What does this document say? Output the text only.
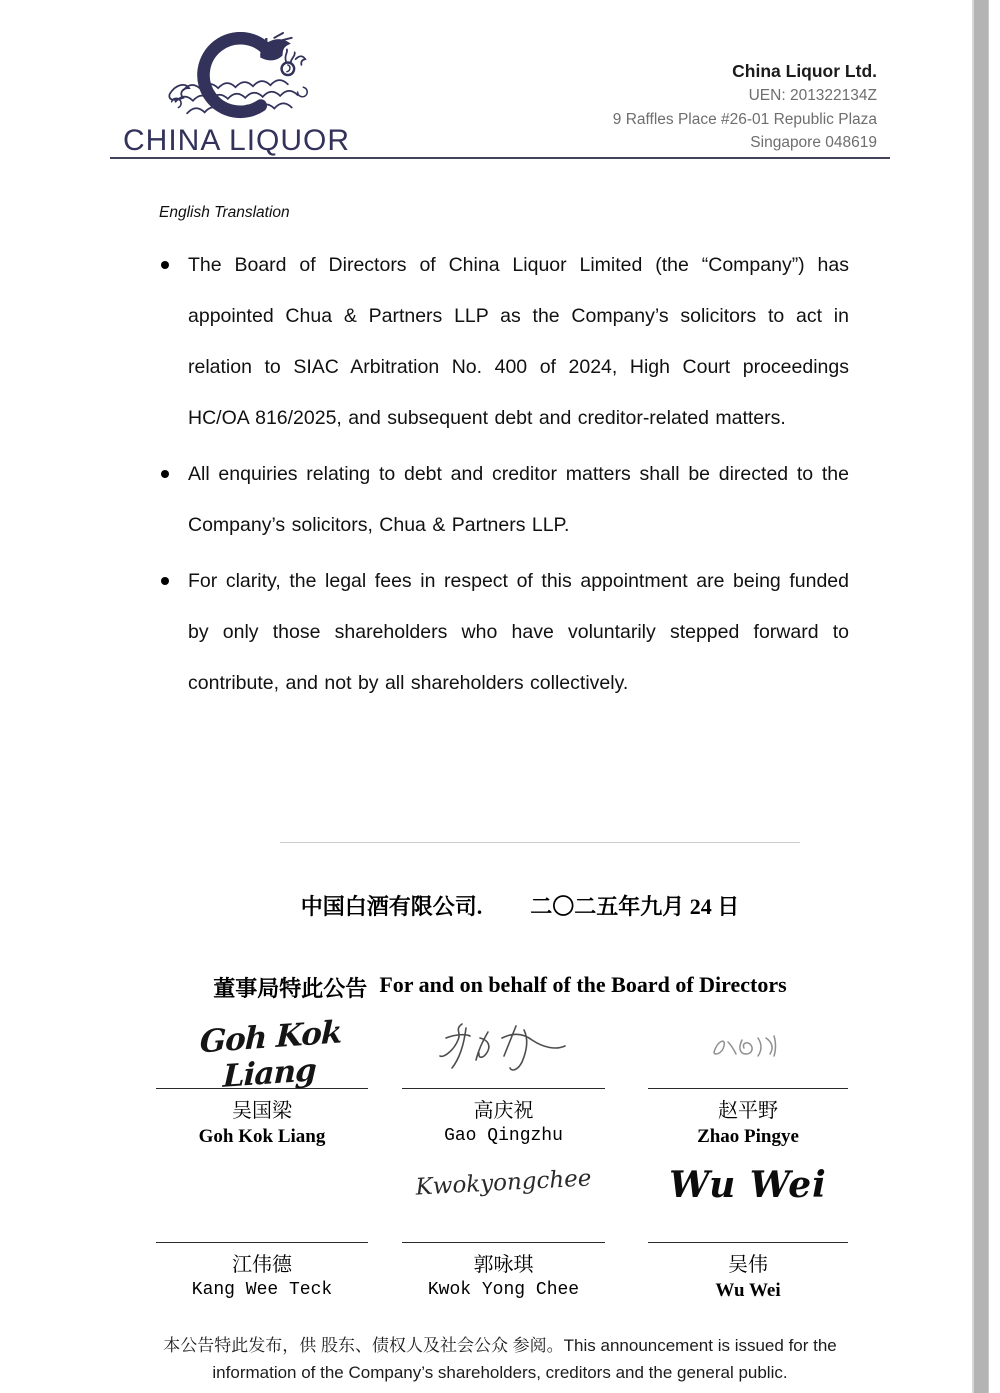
TM
CHINA LIQUOR
China Liquor Ltd.
UEN: 201322134Z
9 Raffles Place #26-01 Republic Plaza
Singapore 048619
English Translation

The Board of Directors of China Liquor Limited (the “Company”) has appointed Chua & Partners LLP as the Company’s solicitors to act in relation to SIAC Arbitration No. 400 of 2024, High Court proceedings HC/OA 816/2025, and subsequent debt and creditor-related matters.

All enquiries relating to debt and creditor matters shall be directed to the Company’s solicitors, Chua & Partners LLP.

For clarity, the legal fees in respect of this appointment are being funded by only those shareholders who have voluntarily stepped forward to contribute, and not by all shareholders collectively.

中国白酒有限公司. 二〇二五年九月 24 日
董事局特此公告 For and on behalf of the Board of Directors
Goh Kok Liang
吴国梁
Goh Kok Liang
高庆祝
Gao Qingzhu
赵平野
Zhao Pingye
江伟德
Kang Wee Teck
Kwokyongchee
郭咏琪
Kwok Yong Chee
Wu Wei
吴伟
Wu Wei
本公告特此发布，供 股东、债权人及社会公众 参阅。This announcement is issued for the
information of the Company’s shareholders, creditors and the general public.
